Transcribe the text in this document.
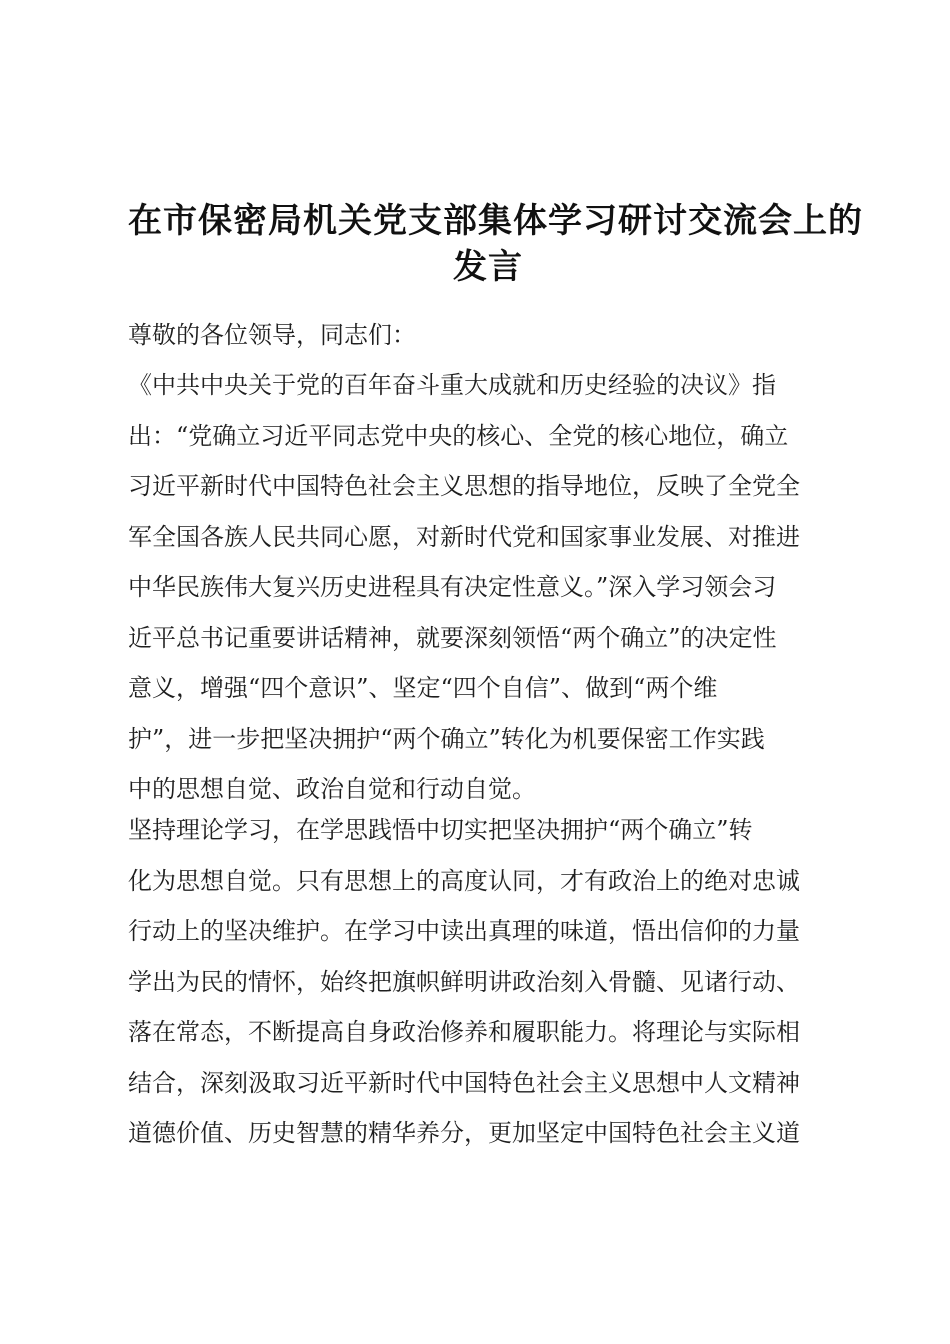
在市保密局机关党支部集体学习研讨交流会上的
发言

尊敬的各位领导，同志们：

《中共中央关于党的百年奋斗重大成就和历史经验的决议》指
出：“党确立习近平同志党中央的核心、全党的核心地位，确立
习近平新时代中国特色社会主义思想的指导地位，反映了全党全
军全国各族人民共同心愿，对新时代党和国家事业发展、对推进
中华民族伟大复兴历史进程具有决定性意义。”深入学习领会习
近平总书记重要讲话精神，就要深刻领悟“两个确立”的决定性
意义，增强“四个意识”、坚定“四个自信”、做到“两个维
护”，进一步把坚决拥护“两个确立”转化为机要保密工作实践
中的思想自觉、政治自觉和行动自觉。

坚持理论学习，在学思践悟中切实把坚决拥护“两个确立”转
化为思想自觉。只有思想上的高度认同，才有政治上的绝对忠诚
行动上的坚决维护。在学习中读出真理的味道，悟出信仰的力量
学出为民的情怀，始终把旗帜鲜明讲政治刻入骨髓、见诸行动、
落在常态，不断提高自身政治修养和履职能力。将理论与实际相
结合，深刻汲取习近平新时代中国特色社会主义思想中人文精神
道德价值、历史智慧的精华养分，更加坚定中国特色社会主义道
